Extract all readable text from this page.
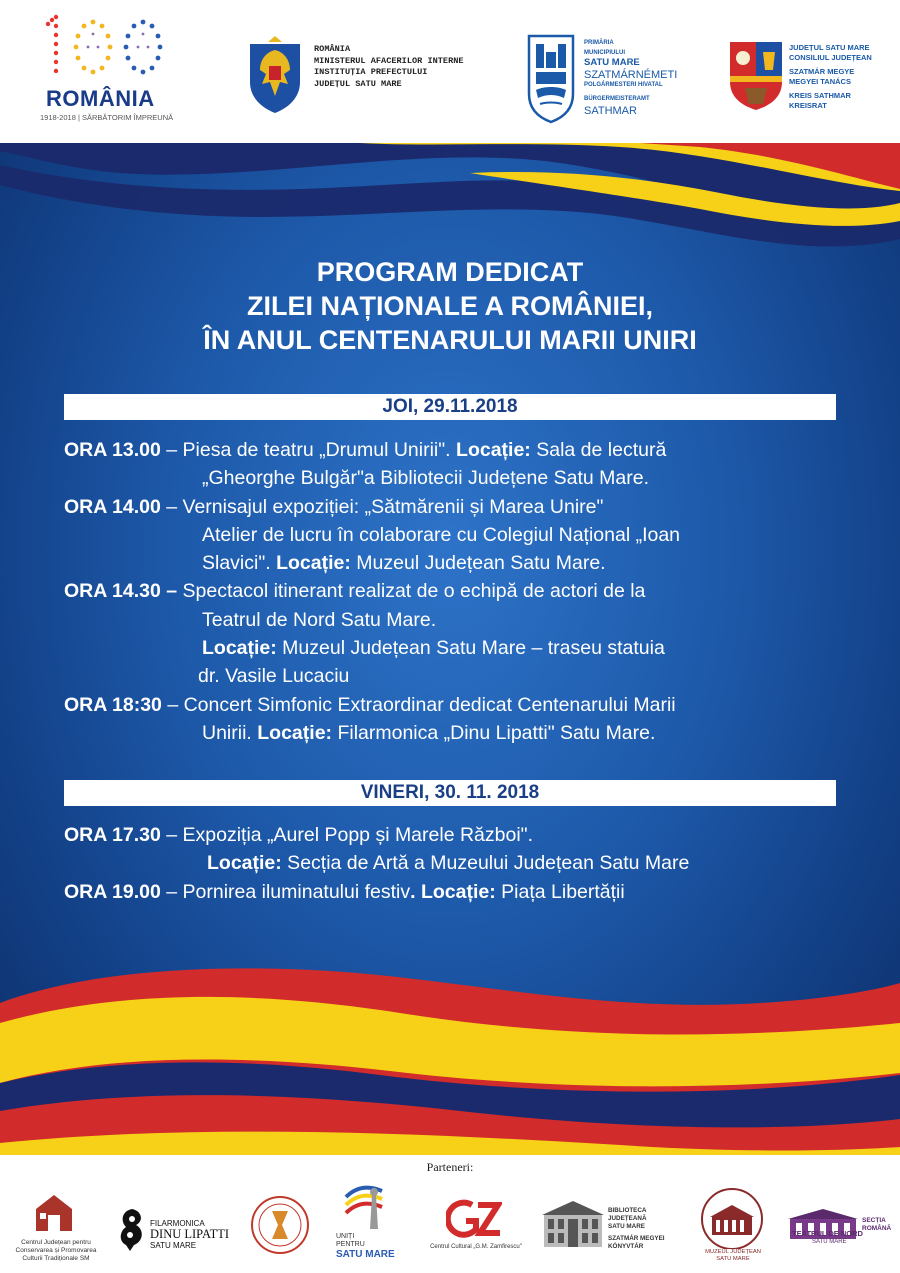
ROMÂNIA
1918-2018 | SĂRBĂTORIM ÎMPREUNĂ
ROMÂNIA
MINISTERUL AFACERILOR INTERNE
INSTITUȚIA PREFECTULUI
JUDEȚUL SATU MARE
PRIMĂRIA
MUNICIPIULUI
SATU MARE
SZATMÁRNÉMETI
POLGÁRMESTERI HIVATAL
BÜRGERMEISTERAMT
SATHMAR
JUDEȚUL SATU MARE
CONSILIUL JUDEȚEAN
SZATMÁR MEGYE
MEGYEI TANÁCS
KREIS SATHMAR
KREISRAT
PROGRAM DEDICAT
ZILEI NAȚIONALE A ROMÂNIEI,
ÎN ANUL CENTENARULUI MARII UNIRI
JOI, 29.11.2018
ORA 13.00 – Piesa de teatru „Drumul Unirii". Locație: Sala de lectură
„Gheorghe Bulgăr"a Bibliotecii Județene Satu Mare.
ORA 14.00 – Vernisajul expoziției: „Sătmărenii și Marea Unire"
Atelier de lucru în colaborare cu Colegiul Național „Ioan
Slavici". Locație: Muzeul Județean Satu Mare.
ORA 14.30 – Spectacol itinerant realizat de o echipă de actori de la
Teatrul de Nord Satu Mare.
Locație: Muzeul Județean Satu Mare – traseu statuia
dr. Vasile Lucaciu
ORA 18:30 – Concert Simfonic Extraordinar dedicat Centenarului Marii
Unirii. Locație: Filarmonica „Dinu Lipatti" Satu Mare.
VINERI, 30. 11. 2018
ORA 17.30 – Expoziția „Aurel Popp și Marele Război".
Locație: Secția de Artă a Muzeului Județean Satu Mare
ORA 19.00 – Pornirea iluminatului festiv. Locație: Piața Libertății
Parteneri:
Centrul Județean pentru
Conservarea și Promovarea
Culturii Tradiționale SM
FILARMONICA
DINU LIPATTI
SATU MARE
UNIȚI
PENTRU
SATU MARE
Centrul Cultural „G.M. Zamfirescu"
BIBLIOTECA JUDEȚEANĂ
SATU MARE
SZATMÁR MEGYEI
KÖNYVTÁR
MUZEUL JUDEȚEAN
SATU MARE
TEATRUL DE NORD
SATU MARE
SECȚIA
ROMÂNĂ
